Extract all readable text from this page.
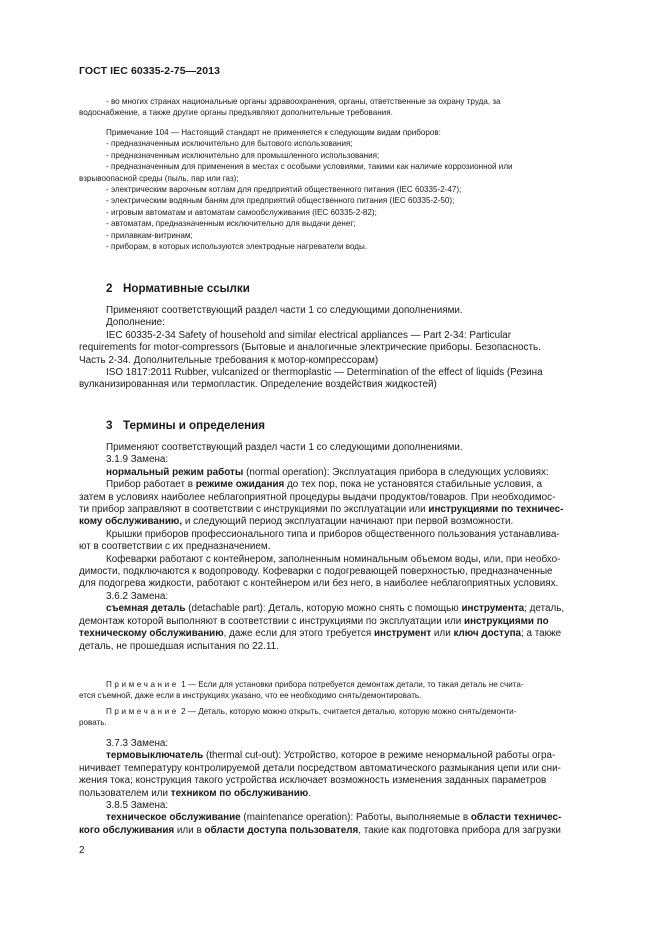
ГОСТ IEC 60335-2-75—2013
- во многих странах национальные органы здравоохранения, органы, ответственные за охрану труда, за
водоснабжение, а также другие органы предъявляют дополнительные требования.
Примечание 104 — Настоящий стандарт не применяется к следующим видам приборов:
- предназначенным исключительно для бытового использования;
- предназначенным исключительно для промышленного использования;
- предназначенным для применения в местах с особыми условиями, такими как наличие коррозионной или
взрывоопасной среды (пыль, пар или газ);
- электрическим варочным котлам для предприятий общественного питания (IEC 60335-2-47);
- электрическим водяным баням для предприятий общественного питания (IEC 60335-2-50);
- игровым автоматам и автоматам самообслуживания (IEC 60335-2-82);
- автоматам, предназначенным исключительно для выдачи денег;
- прилавкам-витринам;
- приборам, в которых используются электродные нагреватели воды.
2 Нормативные ссылки
Применяют соответствующий раздел части 1 со следующими дополнениями.
Дополнение:
IEC 60335-2-34 Safety of household and similar electrical appliances — Part 2-34: Particular
requirements for motor-compressors (Бытовые и аналогичные электрические приборы. Безопасность.
Часть 2-34. Дополнительные требования к мотор-компрессорам)
ISO 1817:2011 Rubber, vulcanized or thermoplastic — Determination of the effect of liquids (Резина
вулканизированная или термопластик. Определение воздействия жидкостей)
3 Термины и определения
Применяют соответствующий раздел части 1 со следующими дополнениями.
3.1.9 Замена:
нормальный режим работы (normal operation): Эксплуатация прибора в следующих условиях:
Прибор работает в режиме ожидания до тех пор, пока не установятся стабильные условия, а
затем в условиях наиболее неблагоприятной процедуры выдачи продуктов/товаров. При необходимос-
ти прибор заправляют в соответствии с инструкциями по эксплуатации или инструкциями по техничес-
кому обслуживанию, и следующий период эксплуатации начинают при первой возможности.
Крышки приборов профессионального типа и приборов общественного пользования устанавлива-
ют в соответствии с их предназначением.
Кофеварки работают с контейнером, заполненным номинальным объемом воды, или, при необхо-
димости, подключаются к водопроводу. Кофеварки с подогревающей поверхностью, предназначенные
для подогрева жидкости, работают с контейнером или без него, в наиболее неблагоприятных условиях.
3.6.2 Замена:
съемная деталь (detachable part): Деталь, которую можно снять с помощью инструмента; деталь,
демонтаж которой выполняют в соответствии с инструкциями по эксплуатации или инструкциями по
техническому обслуживанию, даже если для этого требуется инструмент или ключ доступа; а также
деталь, не прошедшая испытания по 22.11.
Примечание 1 — Если для установки прибора потребуется демонтаж детали, то такая деталь не счита-
ется съемной, даже если в инструкциях указано, что ее необходимо снять/демонтировать.
Примечание 2 — Деталь, которую можно открыть, считается деталью, которую можно снять/демонти-
ровать.
3.7.3 Замена:
термовыключатель (thermal cut-out): Устройство, которое в режиме ненормальной работы огра-
ничивает температуру контролируемой детали посредством автоматического размыкания цепи или сни-
жения тока; конструкция такого устройства исключает возможность изменения заданных параметров
пользователем или техником по обслуживанию.
3.8.5 Замена:
техническое обслуживание (maintenance operation): Работы, выполняемые в области техничес-
кого обслуживания или в области доступа пользователя, такие как подготовка прибора для загрузки
2
